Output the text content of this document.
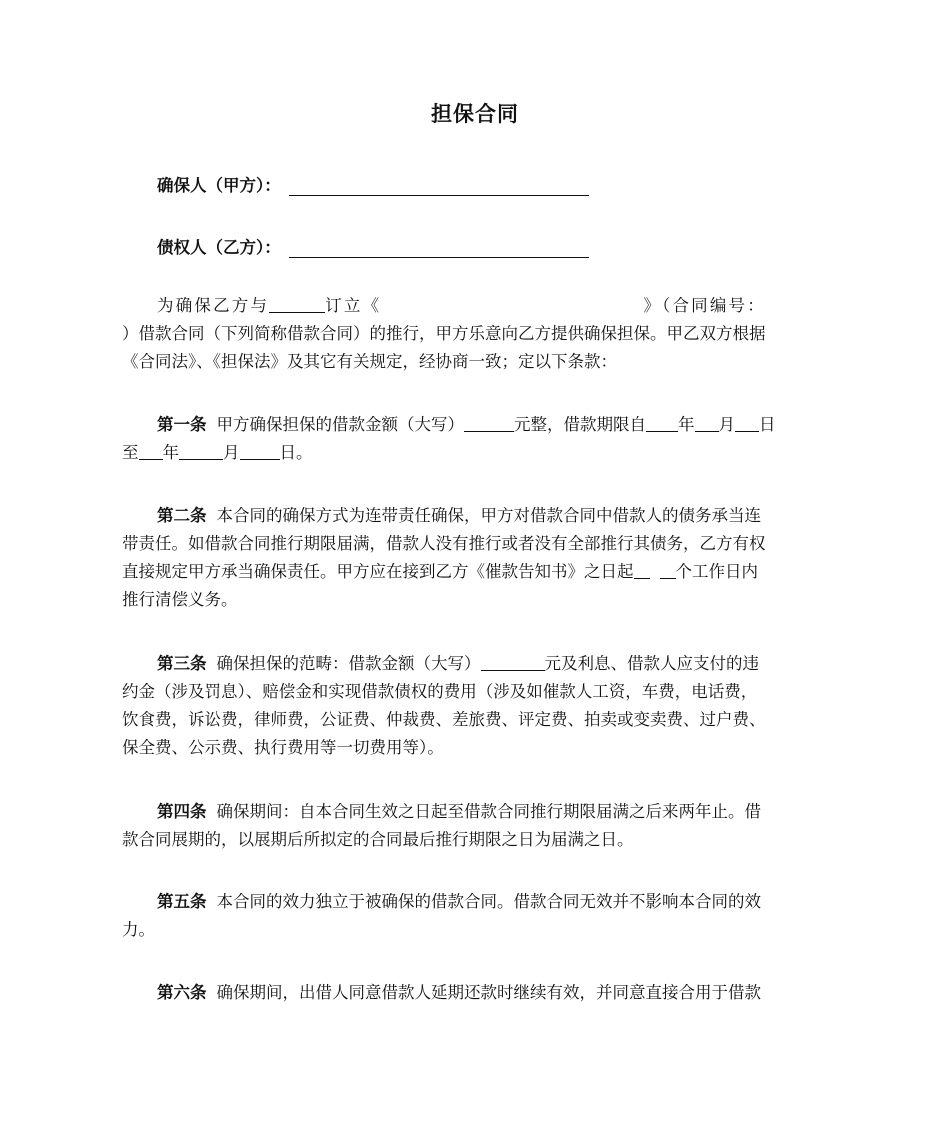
担保合同
确保人（甲方）：
债权人（乙方）：
为确保乙方与	订立《	》（合同编号：
）借款合同（下列简称借款合同）的推行，甲方乐意向乙方提供确保担保。甲乙双方根据
《合同法》、《担保法》及其它有关规定，经协商一致；定以下条款：
第一条 甲方确保担保的借款金额（大写）	元整，借款期限自 年 月 日
至 年	月 日。
第二条 本合同的确保方式为连带责任确保，甲方对借款合同中借款人的债务承当连
带责任。如借款合同推行期限届满，借款人没有推行或者没有全部推行其债务，乙方有权
直接规定甲方承当确保责任。甲方应在接到乙方《催款告知书》之日起	个工作日内
推行清偿义务。
第三条 确保担保的范畴：借款金额（大写）	元及利息、借款人应支付的违
约金（涉及罚息）、赔偿金和实现借款债权的费用（涉及如催款人工资，车费，电话费，
饮食费，诉讼费，律师费，公证费、仲裁费、差旅费、评定费、拍卖或变卖费、过户费、
保全费、公示费、执行费用等一切费用等）。
第四条 确保期间：自本合同生效之日起至借款合同推行期限届满之后来两年止。借
款合同展期的，以展期后所拟定的合同最后推行期限之日为届满之日。
第五条 本合同的效力独立于被确保的借款合同。借款合同无效并不影响本合同的效
力。
第六条 确保期间，出借人同意借款人延期还款时继续有效，并同意直接合用于借款
